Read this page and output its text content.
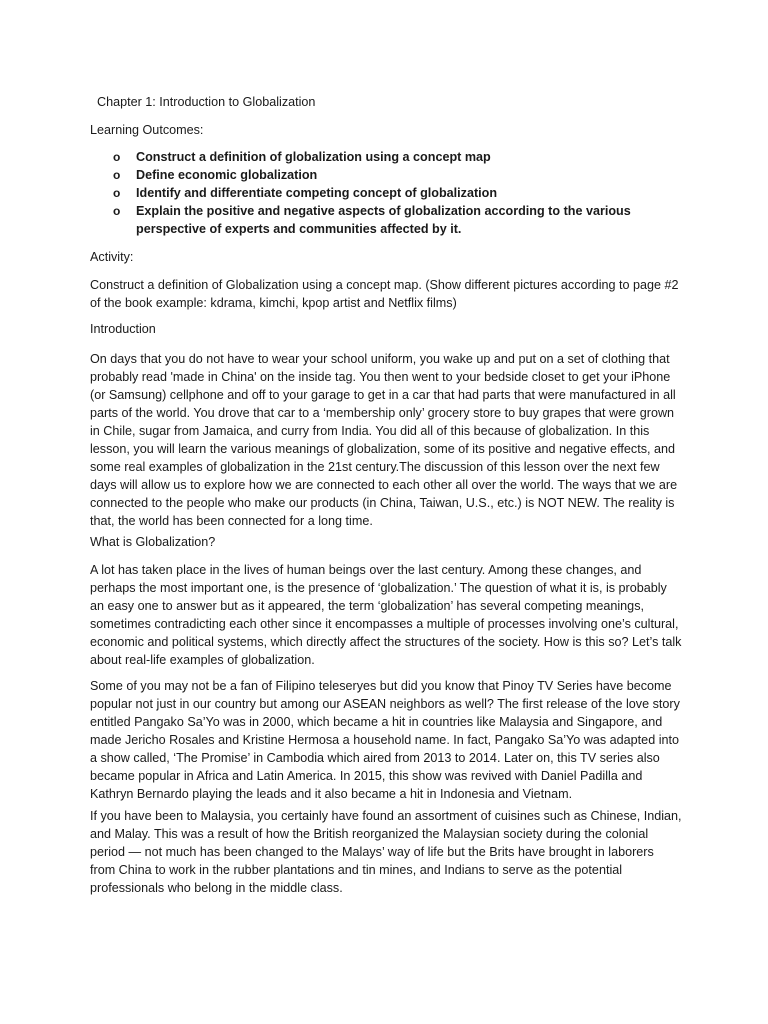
Chapter 1: Introduction to Globalization

Learning Outcomes:

o Construct a definition of globalization using a concept map
o Define economic globalization
o Identify and differentiate competing concept of globalization
o Explain the positive and negative aspects of globalization according to the various perspective of experts and communities affected by it.

Activity:

Construct a definition of Globalization using a concept map. (Show different pictures according to page #2 of the book example: kdrama, kimchi, kpop artist and Netflix films)

Introduction

On days that you do not have to wear your school uniform, you wake up and put on a set of clothing that probably read 'made in China' on the inside tag. You then went to your bedside closet to get your iPhone (or Samsung) cellphone and off to your garage to get in a car that had parts that were manufactured in all parts of the world. You drove that car to a ‘membership only’ grocery store to buy grapes that were grown in Chile, sugar from Jamaica, and curry from India. You did all of this because of globalization. In this lesson, you will learn the various meanings of globalization, some of its positive and negative effects, and some real examples of globalization in the 21st century.The discussion of this lesson over the next few days will allow us to explore how we are connected to each other all over the world. The ways that we are connected to the people who make our products (in China, Taiwan, U.S., etc.) is NOT NEW. The reality is that, the world has been connected for a long time.

What is Globalization?

A lot has taken place in the lives of human beings over the last century. Among these changes, and perhaps the most important one, is the presence of ‘globalization.’ The question of what it is, is probably an easy one to answer but as it appeared, the term ‘globalization’ has several competing meanings, sometimes contradicting each other since it encompasses a multiple of processes involving one’s cultural, economic and political systems, which directly affect the structures of the society. How is this so? Let’s talk about real-life examples of globalization.

Some of you may not be a fan of Filipino teleseryes but did you know that Pinoy TV Series have become popular not just in our country but among our ASEAN neighbors as well? The first release of the love story entitled Pangako Sa’Yo was in 2000, which became a hit in countries like Malaysia and Singapore, and made Jericho Rosales and Kristine Hermosa a household name. In fact, Pangako Sa’Yo was adapted into a show called, ‘The Promise’ in Cambodia which aired from 2013 to 2014. Later on, this TV series also became popular in Africa and Latin America. In 2015, this show was revived with Daniel Padilla and Kathryn Bernardo playing the leads and it also became a hit in Indonesia and Vietnam.

If you have been to Malaysia, you certainly have found an assortment of cuisines such as Chinese, Indian, and Malay. This was a result of how the British reorganized the Malaysian society during the colonial period — not much has been changed to the Malays’ way of life but the Brits have brought in laborers from China to work in the rubber plantations and tin mines, and Indians to serve as the potential professionals who belong in the middle class.
